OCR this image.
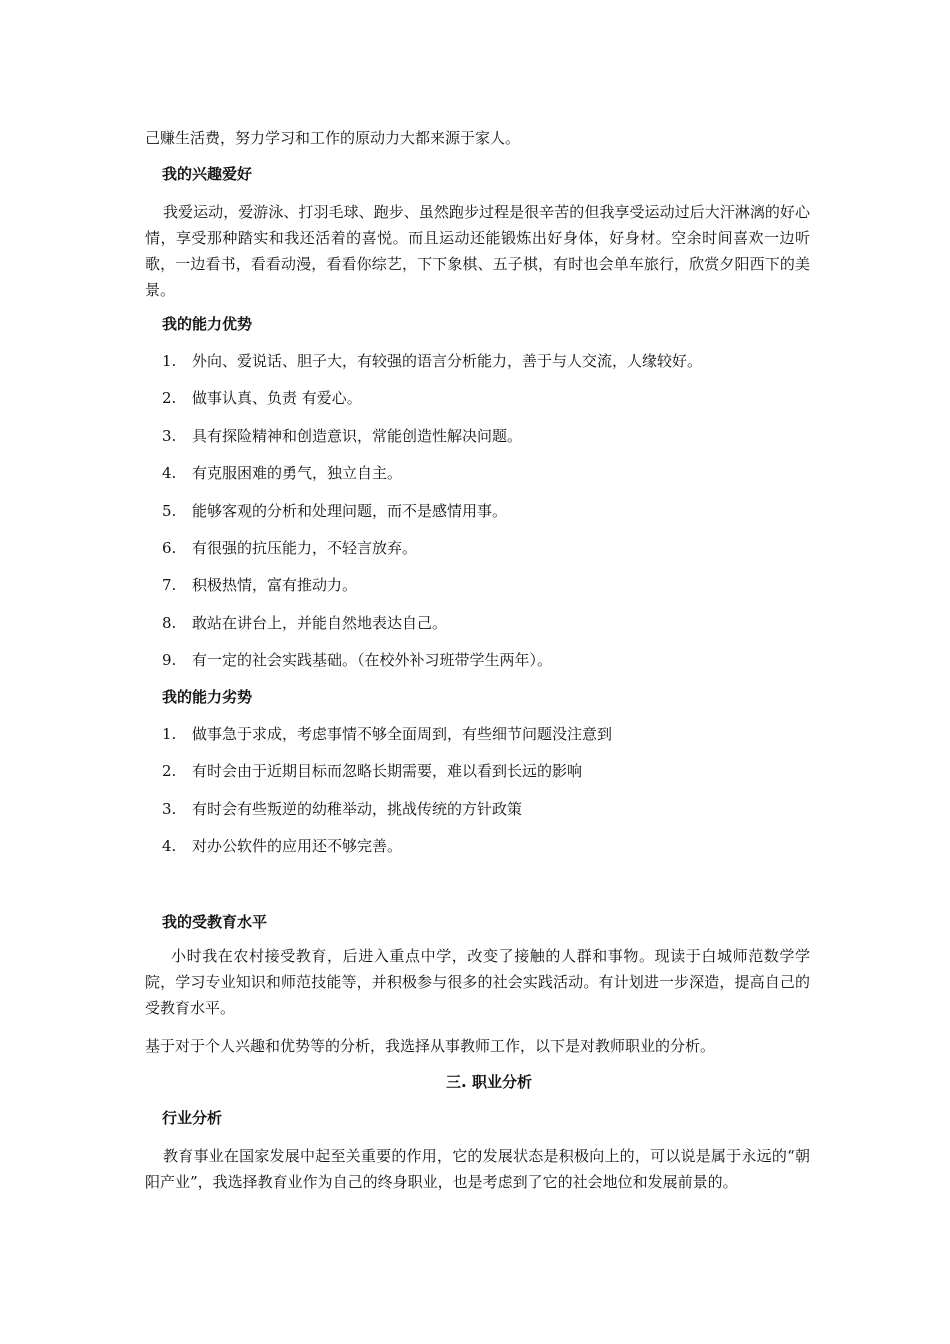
己赚生活费，努力学习和工作的原动力大都来源于家人。

我的兴趣爱好

我爱运动，爱游泳、打羽毛球、跑步、虽然跑步过程是很辛苦的但我享受运动过后大汗淋漓的好心情，享受那种踏实和我还活着的喜悦。而且运动还能锻炼出好身体，好身材。空余时间喜欢一边听歌，一边看书，看看动漫，看看你综艺，下下象棋、五子棋，有时也会单车旅行，欣赏夕阳西下的美景。

我的能力优势
1. 外向、爱说话、胆子大，有较强的语言分析能力，善于与人交流，人缘较好。
2. 做事认真、负责 有爱心。
3. 具有探险精神和创造意识，常能创造性解决问题。
4. 有克服困难的勇气，独立自主。
5. 能够客观的分析和处理问题，而不是感情用事。
6. 有很强的抗压能力，不轻言放弃。
7. 积极热情，富有推动力。
8. 敢站在讲台上，并能自然地表达自己。
9. 有一定的社会实践基础。（在校外补习班带学生两年）。
我的能力劣势
1. 做事急于求成，考虑事情不够全面周到，有些细节问题没注意到
2. 有时会由于近期目标而忽略长期需要，难以看到长远的影响
3. 有时会有些叛逆的幼稚举动，挑战传统的方针政策
4. 对办公软件的应用还不够完善。
我的受教育水平

小时我在农村接受教育，后进入重点中学，改变了接触的人群和事物。现读于白城师范数学学院，学习专业知识和师范技能等，并积极参与很多的社会实践活动。有计划进一步深造，提高自己的受教育水平。

基于对于个人兴趣和优势等的分析，我选择从事教师工作，以下是对教师职业的分析。

三. 职业分析
行业分析

教育事业在国家发展中起至关重要的作用，它的发展状态是积极向上的，可以说是属于永远的“朝阳产业”，我选择教育业作为自己的终身职业，也是考虑到了它的社会地位和发展前景的。
